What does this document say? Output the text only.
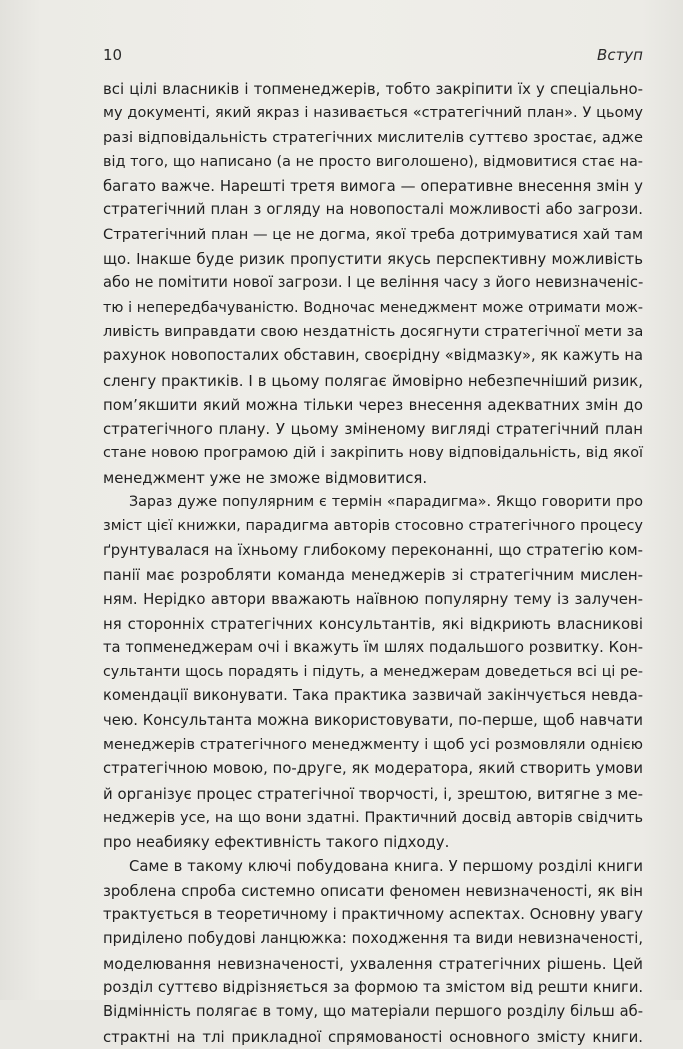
10	Вступ
всі цілі власників і топменеджерів, тобто закріпити їх у спеціально-
му документі, який якраз і називається «стратегічний план». У цьому
разі відповідальність стратегічних мислителів суттєво зростає, адже
від того, що написано (а не просто виголошено), відмовитися стає на-
багато важче. Нарешті третя вимога — оперативне внесення змін у
стратегічний план з огляду на новопосталі можливості або загрози.
Стратегічний план — це не догма, якої треба дотримуватися хай там
що. Інакше буде ризик пропустити якусь перспективну можливість
або не помітити нової загрози. І це веління часу з його невизначеніс-
тю і непередбачуваністю. Водночас менеджмент може отримати мож-
ливість виправдати свою нездатність досягнути стратегічної мети за
рахунок новопосталих обставин, своєрідну «відмазку», як кажуть на
сленгу практиків. І в цьому полягає ймовірно небезпечніший ризик,
пом’якшити який можна тільки через внесення адекватних змін до
стратегічного плану. У цьому зміненому вигляді стратегічний план
стане новою програмою дій і закріпить нову відповідальність, від якої
менеджмент уже не зможе відмовитися.
Зараз дуже популярним є термін «парадигма». Якщо говорити про
зміст цієї книжки, парадигма авторів стосовно стратегічного процесу
ґрунтувалася на їхньому глибокому переконанні, що стратегію ком-
панії має розробляти команда менеджерів зі стратегічним мислен-
ням. Нерідко автори вважають наївною популярну тему із залучен-
ня сторонніх стратегічних консультантів, які відкриють власникові
та топменеджерам очі і вкажуть їм шлях подальшого розвитку. Кон-
сультанти щось порадять і підуть, а менеджерам доведеться всі ці ре-
комендації виконувати. Така практика зазвичай закінчується невда-
чею. Консультанта можна використовувати, по-перше, щоб навчати
менеджерів стратегічного менеджменту і щоб усі розмовляли однією
стратегічною мовою, по-друге, як модератора, який створить умови
й організує процес стратегічної творчості, і, зрештою, витягне з ме-
неджерів усе, на що вони здатні. Практичний досвід авторів свідчить
про неабияку ефективність такого підходу.
Саме в такому ключі побудована книга. У першому розділі книги
зроблена спроба системно описати феномен невизначеності, як він
трактується в теоретичному і практичному аспектах. Основну увагу
приділено побудові ланцюжка: походження та види невизначеності,
моделювання невизначеності, ухвалення стратегічних рішень. Цей
розділ суттєво відрізняється за формою та змістом від решти книги.
Відмінність полягає в тому, що матеріали першого розділу більш аб-
страктні на тлі прикладної спрямованості основного змісту книги.
